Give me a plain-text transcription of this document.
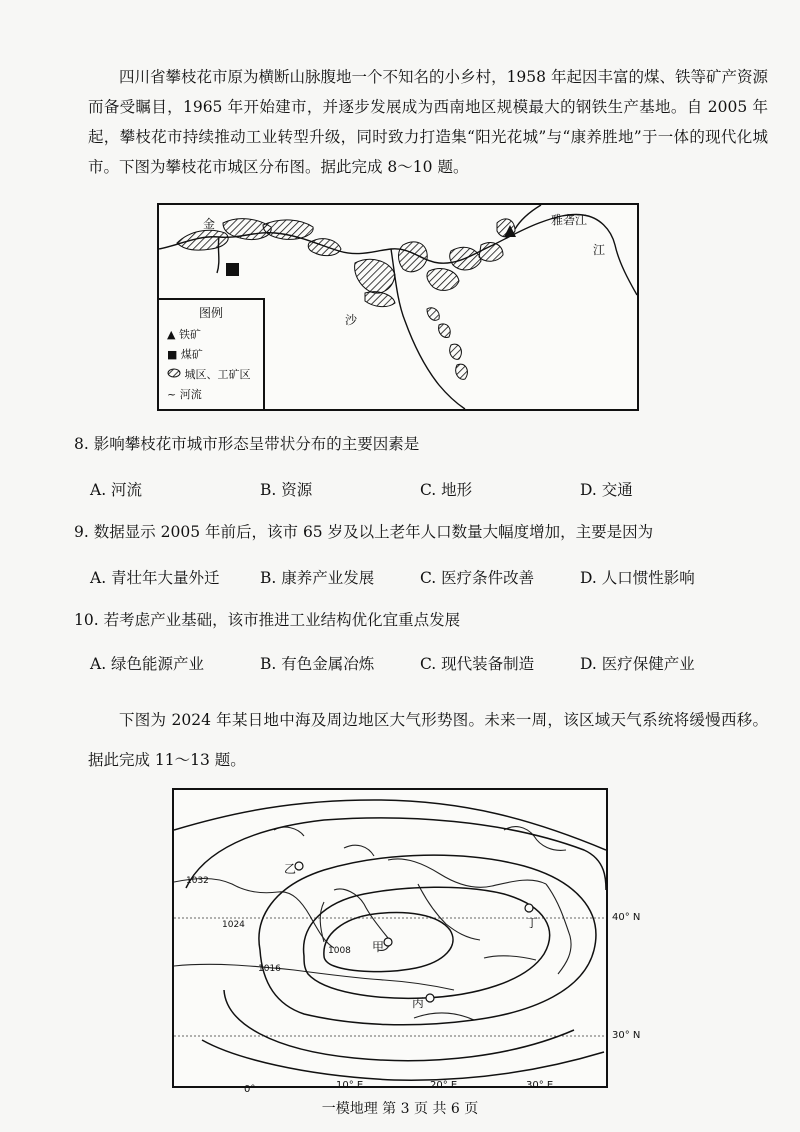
四川省攀枝花市原为横断山脉腹地一个不知名的小乡村，1958 年起因丰富的煤、铁等矿产资源而备受瞩目，1965 年开始建市，并逐步发展成为西南地区规模最大的钢铁生产基地。自 2005 年起，攀枝花市持续推动工业转型升级，同时致力打造集“阳光花城”与“康养胜地”于一体的现代化城市。下图为攀枝花市城区分布图。据此完成 8～10 题。

金
沙
江
雅砻江
图例
▲ 铁矿
■ 煤矿
城区、工矿区
~ 河流
8. 影响攀枝花市城市形态呈带状分布的主要因素是
A. 河流	B. 资源	C. 地形	D. 交通
9. 数据显示 2005 年前后，该市 65 岁及以上老年人口数量大幅度增加，主要是因为
A. 青壮年大量外迁	B. 康养产业发展	C. 医疗条件改善	D. 人口惯性影响
10. 若考虑产业基础，该市推进工业结构优化宜重点发展
A. 绿色能源产业	B. 有色金属冶炼	C. 现代装备制造	D. 医疗保健产业

下图为 2024 年某日地中海及周边地区大气形势图。未来一周，该区域天气系统将缓慢西移。据此完成 11～13 题。

1032
1024
1016
1008 甲
乙
丙
丁	40° N
30° N
0°	10° E	20° E	30° E
一模地理 第 3 页 共 6 页
